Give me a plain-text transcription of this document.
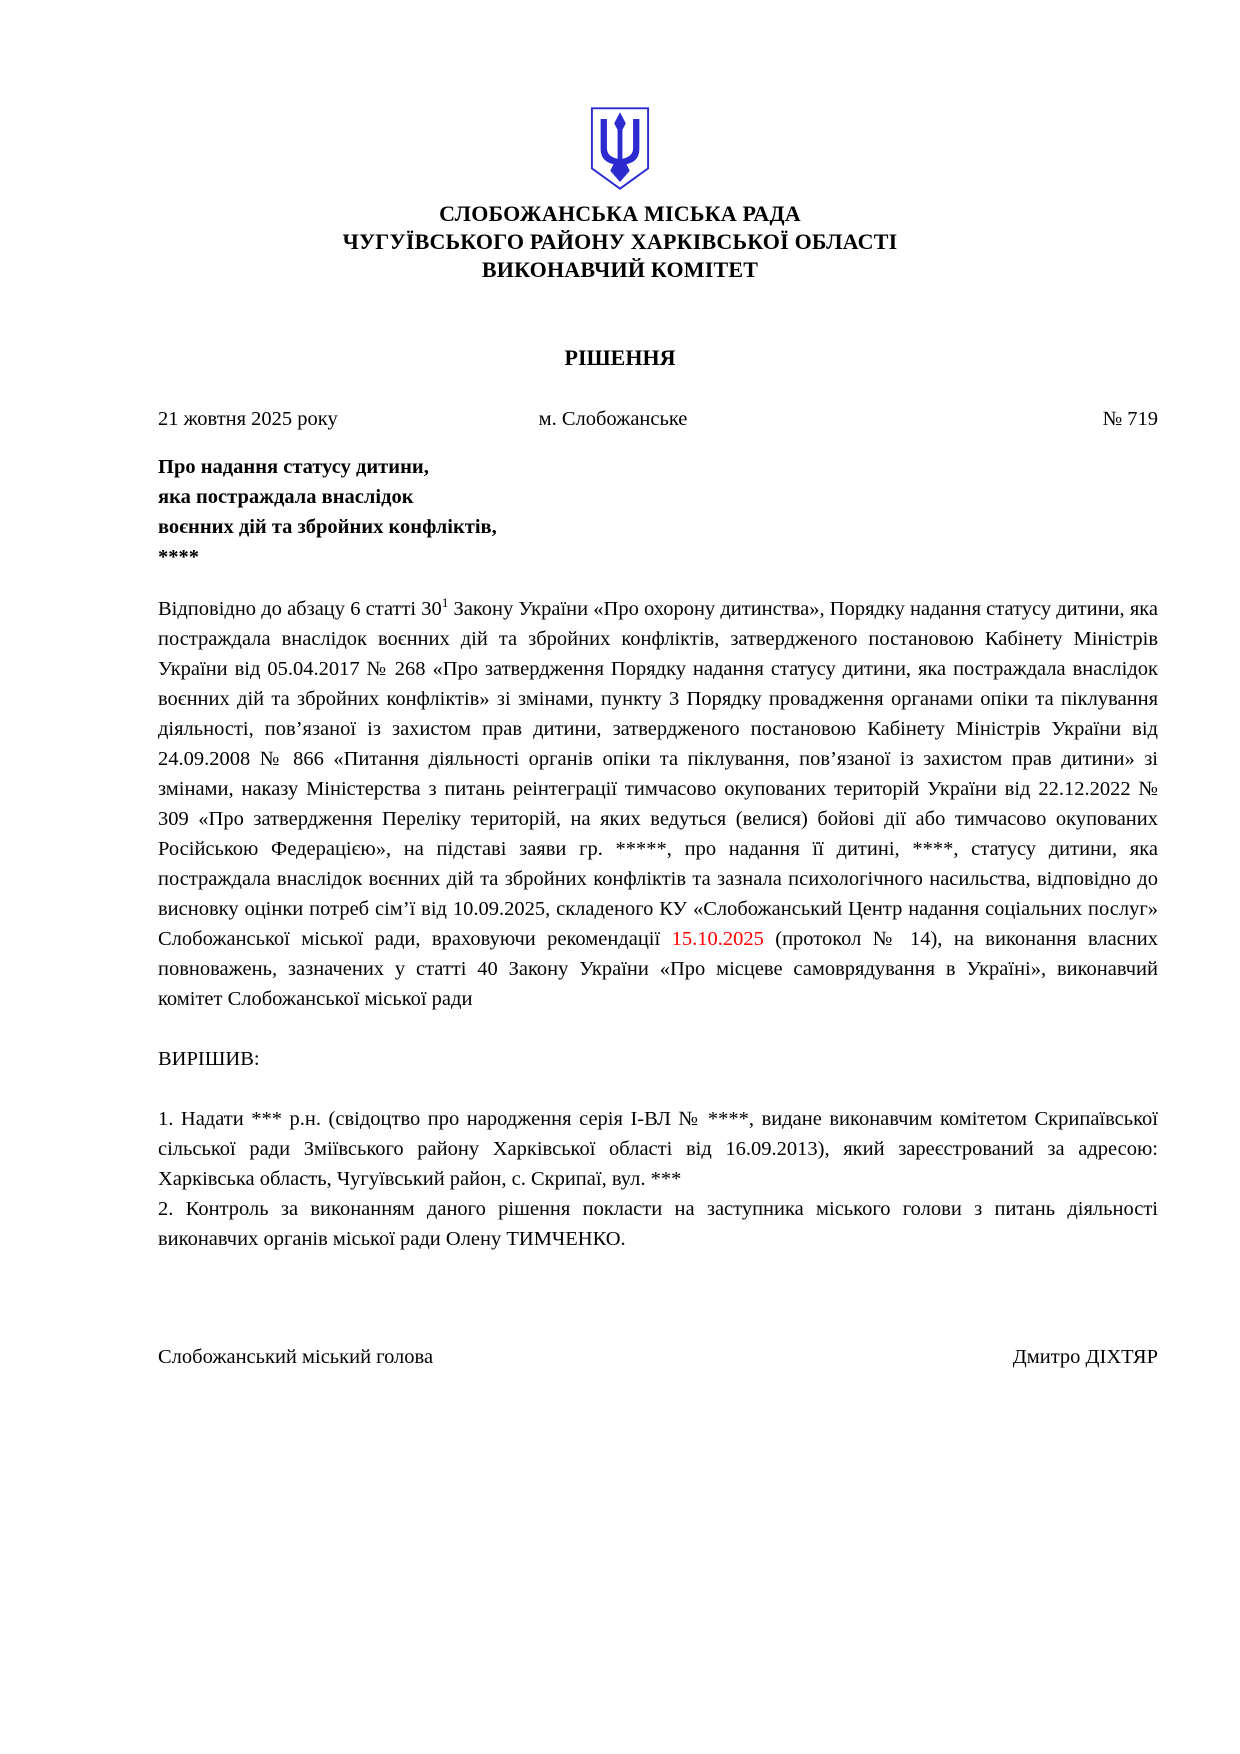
СЛОБОЖАНСЬКА МІСЬКА РАДА
ЧУГУЇВСЬКОГО РАЙОНУ ХАРКІВСЬКОЇ ОБЛАСТІ
ВИКОНАВЧИЙ КОМІТЕТ
РІШЕННЯ
21 жовтня 2025 року	м. Слобожанське	№ 719
Про надання статусу дитини,
яка постраждала внаслідок
воєнних дій та збройних конфліктів,
****
Відповідно до абзацу 6 статті $30^1$ Закону України «Про охорону дитинства», Порядку надання статусу дитини, яка постраждала внаслідок воєнних дій та збройних конфліктів, затвердженого постановою Кабінету Міністрів України від 05.04.2017 № 268 «Про затвердження Порядку надання статусу дитини, яка постраждала внаслідок воєнних дій та збройних конфліктів» зі змінами, пункту 3 Порядку провадження органами опіки та піклування діяльності, пов’язаної із захистом прав дитини, затвердженого постановою Кабінету Міністрів України від 24.09.2008 № 866 «Питання діяльності органів опіки та піклування, пов’язаної із захистом прав дитини» зі змінами, наказу Міністерства з питань реінтеграції тимчасово окупованих територій України від 22.12.2022 № 309 «Про затвердження Переліку територій, на яких ведуться (велися) бойові дії або тимчасово окупованих Російською Федерацією», на підставі заяви гр. *****, про надання її дитині, ****, статусу дитини, яка постраждала внаслідок воєнних дій та збройних конфліктів та зазнала психологічного насильства, відповідно до висновку оцінки потреб сім’ї від 10.09.2025, складеного КУ «Слобожанський Центр надання соціальних послуг» Слобожанської міської ради, враховуючи рекомендації 15.10.2025 (протокол № 14), на виконання власних повноважень, зазначених у статті 40 Закону України «Про місцеве самоврядування в Україні», виконавчий комітет Слобожанської міської ради
ВИРІШИВ:
1. Надати *** р.н. (свідоцтво про народження серія І-ВЛ № ****, видане виконавчим комітетом Скрипаївської сільської ради Зміївського району Харківської області від 16.09.2013), який зареєстрований за адресою: Харківська область, Чугуївський район, с. Скрипаї, вул. ***
2. Контроль за виконанням даного рішення покласти на заступника міського голови з питань діяльності виконавчих органів міської ради Олену ТИМЧЕНКО.
Слобожанський міський голова	Дмитро ДІХТЯР
